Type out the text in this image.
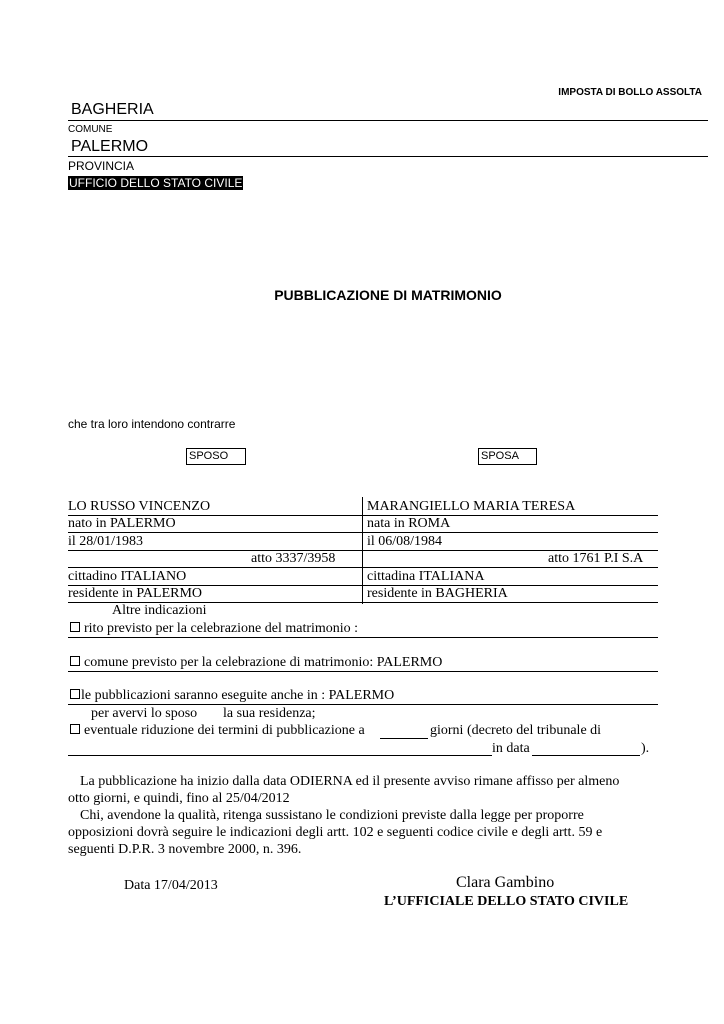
IMPOSTA DI BOLLO ASSOLTA
BAGHERIA
COMUNE
PALERMO
PROVINCIA
UFFICIO DELLO STATO CIVILE
PUBBLICAZIONE DI MATRIMONIO
che tra loro intendono contrarre
SPOSO	SPOSA
LO RUSSO VINCENZO	MARANGIELLO MARIA TERESA
nato in PALERMO	nata in ROMA
il 28/01/1983	il 06/08/1984
atto 3337/3958	atto 1761 P.I S.A
cittadino ITALIANO	cittadina ITALIANA
residente in PALERMO	residente in BAGHERIA
Altre indicazioni
rito previsto per la celebrazione del matrimonio :
comune previsto per la celebrazione di matrimonio: PALERMO
le pubblicazioni saranno eseguite anche in : PALERMO
per avervi lo sposo la sua residenza;
eventuale riduzione dei termini di pubblicazione a	giorni (decreto del tribunale di
in data	).
La pubblicazione ha inizio dalla data ODIERNA ed il presente avviso rimane affisso per almeno
otto giorni, e quindi, fino al 25/04/2012
Chi, avendone la qualità, ritenga sussistano le condizioni previste dalla legge per proporre
opposizioni dovrà seguire le indicazioni degli artt. 102 e seguenti codice civile e degli artt. 59 e
seguenti D.P.R. 3 novembre 2000, n. 396.
Data 17/04/2013	Clara Gambino
L’UFFICIALE DELLO STATO CIVILE
